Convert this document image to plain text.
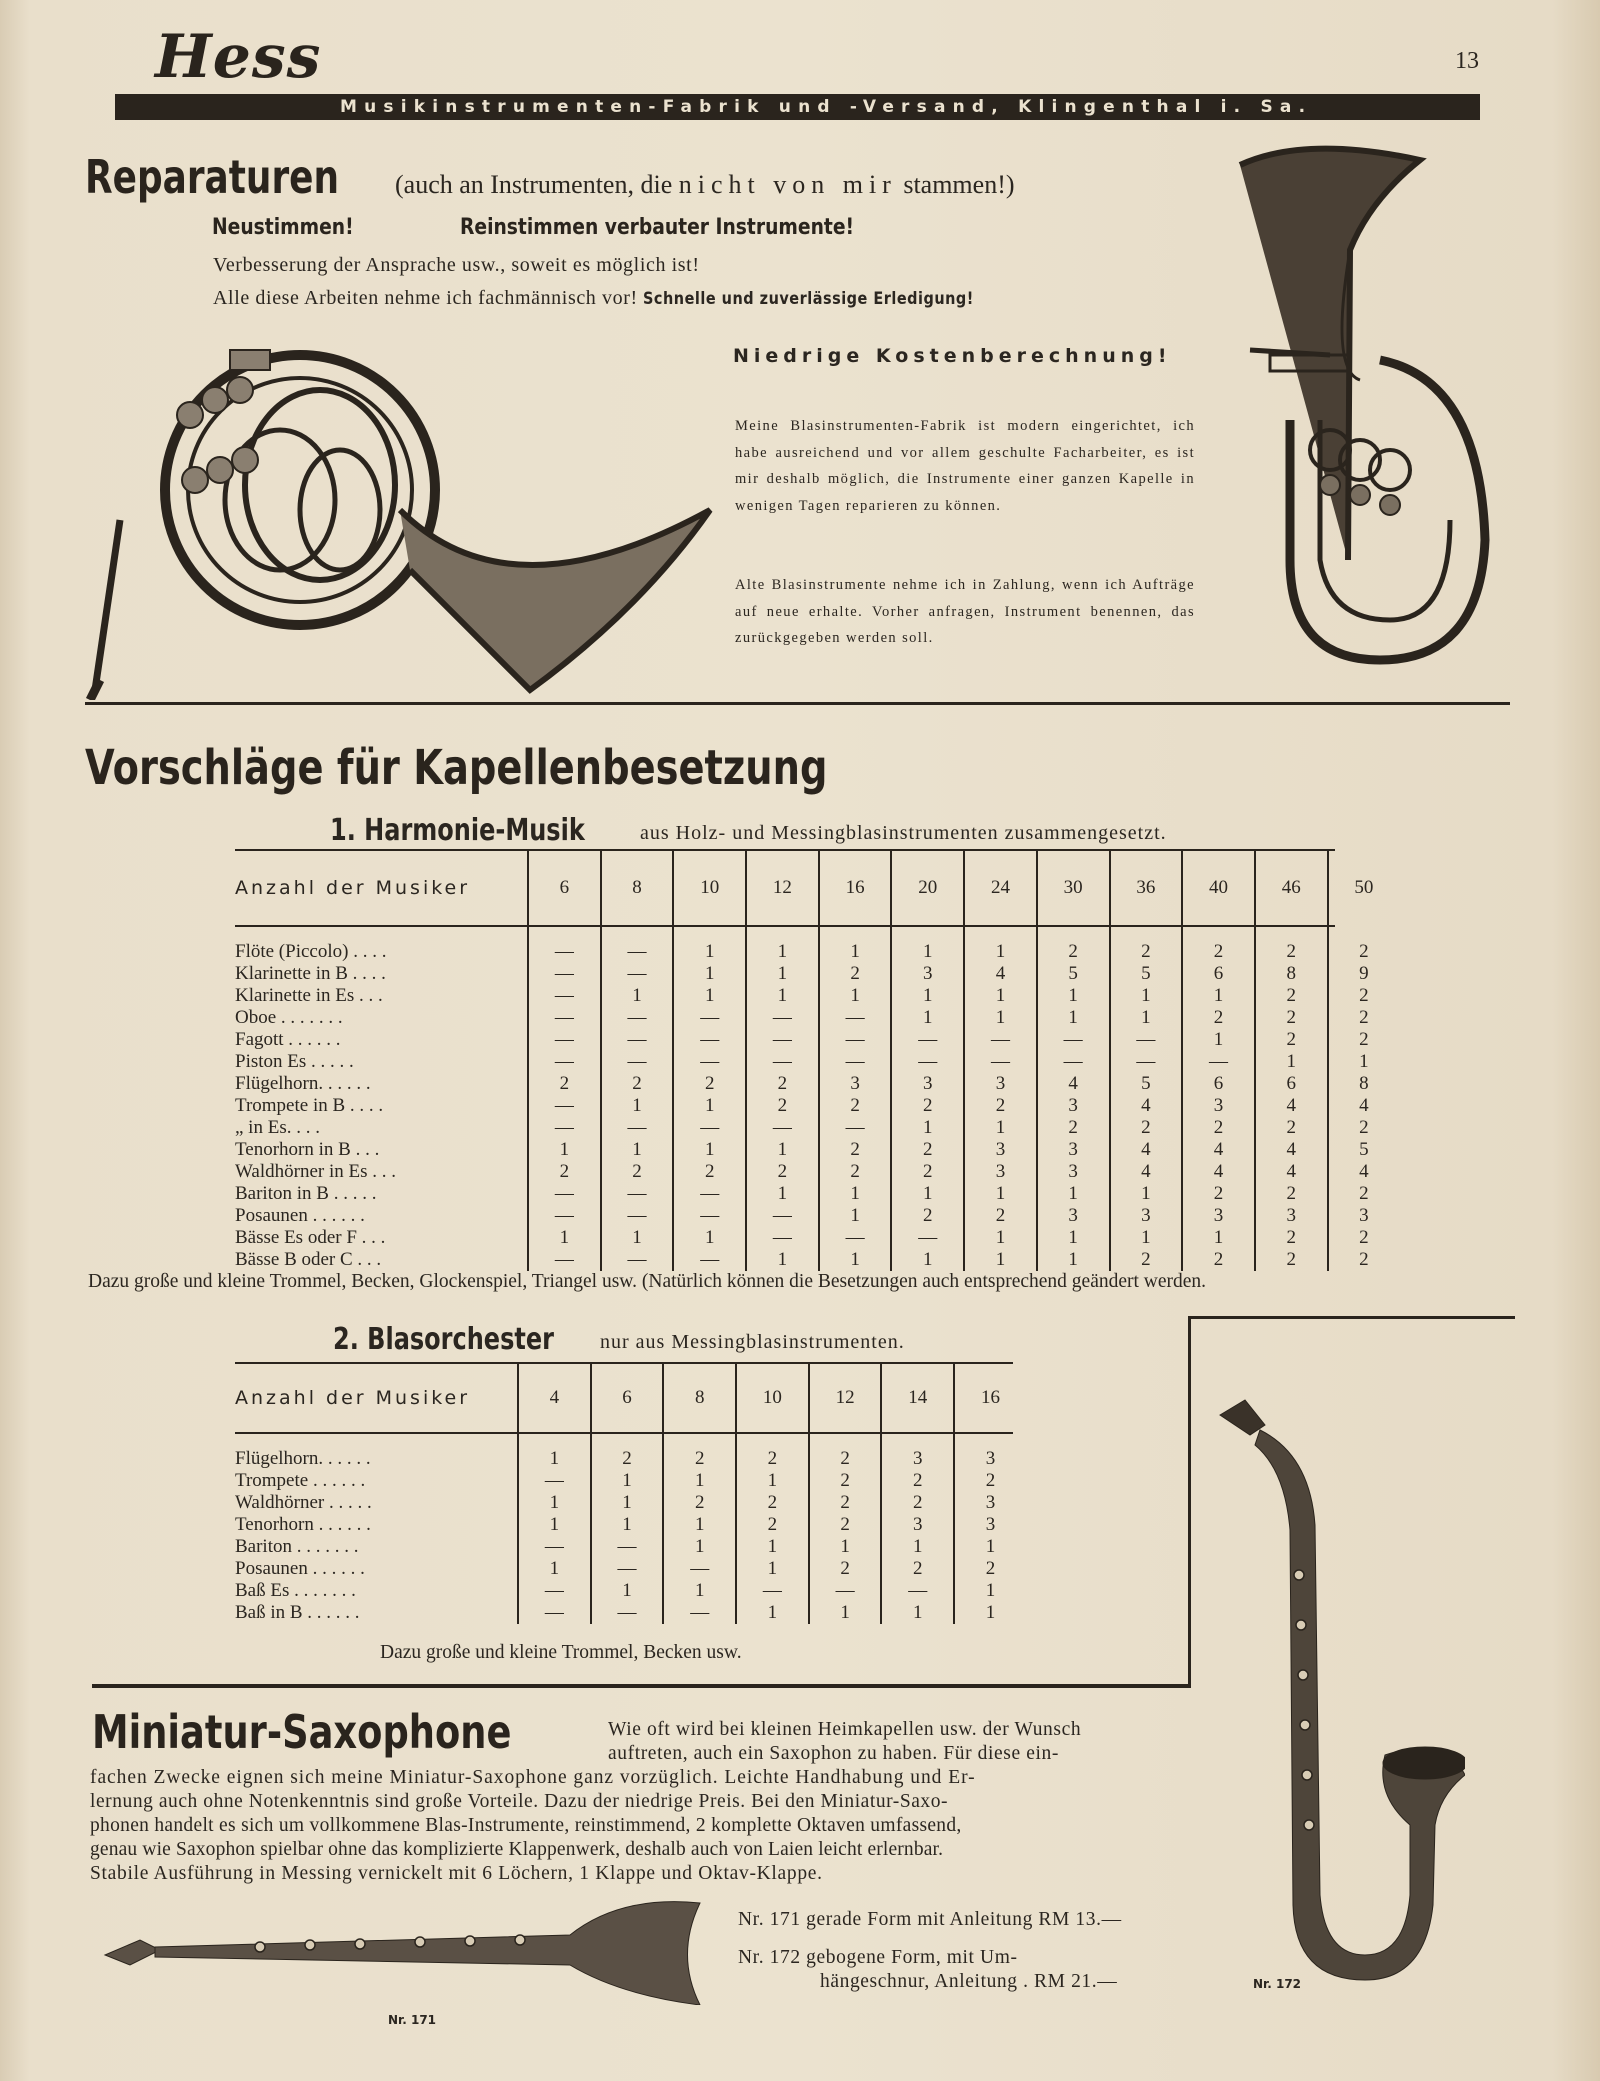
Hess	13
Musikinstrumenten-Fabrik und -Versand, Klingenthal i. Sa.
Reparaturen (auch an Instrumenten, die nicht von mir stammen!)
Neustimmen!	Reinstimmen verbauter Instrumente!
Verbesserung der Ansprache usw., soweit es möglich ist!
Alle diese Arbeiten nehme ich fachmännisch vor! Schnelle und zuverlässige Erledigung!
Niedrige Kostenberechnung!
Meine Blasinstrumenten-Fabrik ist modern eingerichtet, ich habe ausreichend und vor allem geschulte Facharbeiter, es ist mir deshalb möglich, die Instrumente einer ganzen Kapelle in wenigen Tagen reparieren zu können.
Alte Blasinstrumente nehme ich in Zahlung, wenn ich Aufträge auf neue erhalte. Vorher anfragen, Instrument benennen, das zurückgegeben werden soll.
Vorschläge für Kapellenbesetzung
1. Harmonie-Musik	aus Holz- und Messingblasinstrumenten zusammengesetzt.
Anzahl der Musiker	6	8	10	12	16	20	24	30	36	40	46	50

Flöte (Piccolo) . . . .	—	—	1	1	1	1	1	2	2	2	2	2
Klarinette in B . . . .	—	—	1	1	2	3	4	5	5	6	8	9
Klarinette in Es . . .	—	1	1	1	1	1	1	1	1	1	2	2
Oboe . . . . . . .	—	—	—	—	—	1	1	1	1	2	2	2
Fagott . . . . . .	—	—	—	—	—	—	—	—	—	1	2	2
Piston Es . . . . .	—	—	—	—	—	—	—	—	—	—	1	1
Flügelhorn. . . . . .	2	2	2	2	3	3	3	4	5	6	6	8
Trompete in B . . . .	—	1	1	2	2	2	2	3	4	3	4	4
„ in Es. . . .	—	—	—	—	—	1	1	2	2	2	2	2
Tenorhorn in B . . .	1	1	1	1	2	2	3	3	4	4	4	5
Waldhörner in Es . . .	2	2	2	2	2	2	3	3	4	4	4	4
Bariton in B . . . . .	—	—	—	1	1	1	1	1	1	2	2	2
Posaunen . . . . . .	—	—	—	—	1	2	2	3	3	3	3	3
Bässe Es oder F . . .	1	1	1	—	—	—	1	1	1	1	2	2
Bässe B oder C . . .	—	—	—	1	1	1	1	1	2	2	2	2
Dazu große und kleine Trommel, Becken, Glockenspiel, Triangel usw. (Natürlich können die Besetzungen auch entsprechend geändert werden.
2. Blasorchester nur aus Messingblasinstrumenten.
Anzahl der Musiker	4	6	8	10	12	14	16

Flügelhorn. . . . . .	1	2	2	2	2	3	3
Trompete . . . . . .	—	1	1	1	2	2	2
Waldhörner . . . . .	1	1	2	2	2	2	3
Tenorhorn . . . . . .	1	1	1	2	2	3	3
Bariton . . . . . . .	—	—	1	1	1	1	1
Posaunen . . . . . .	1	—	—	1	2	2	2
Baß Es . . . . . . .	—	1	1	—	—	—	1
Baß in B . . . . . .	—	—	—	1	1	1	1
Dazu große und kleine Trommel, Becken usw.
Miniatur-Saxophone	Wie oft wird bei kleinen Heimkapellen usw. der Wunsch
auftreten, auch ein Saxophon zu haben. Für diese ein-
fachen Zwecke eignen sich meine Miniatur-Saxophone ganz vorzüglich. Leichte Handhabung und Er-
lernung auch ohne Notenkenntnis sind große Vorteile. Dazu der niedrige Preis. Bei den Miniatur-Saxo-
phonen handelt es sich um vollkommene Blas-Instrumente, reinstimmend, 2 komplette Oktaven umfassend,
genau wie Saxophon spielbar ohne das komplizierte Klappenwerk, deshalb auch von Laien leicht erlernbar.
Stabile Ausführung in Messing vernickelt mit 6 Löchern, 1 Klappe und Oktav-Klappe.
Nr. 171 gerade Form mit Anleitung RM 13.—
Nr. 172 gebogene Form, mit Um-
hängeschnur, Anleitung . RM 21.—
Nr. 171
Nr. 172
